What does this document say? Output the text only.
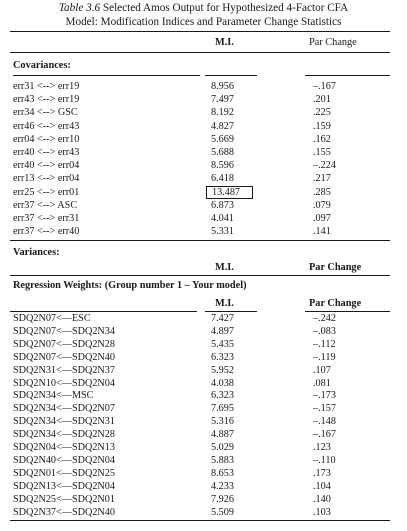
Table 3.6 Selected Amos Output for Hypothesized 4-Factor CFA
Model: Modification Indices and Parameter Change Statistics
M.I.	Par Change
Covariances:
err31 <--> err19	8.956	–.167
err43 <--> err19	7.497	.201
err34 <--> GSC	8.192	.225
err46 <--> err43	4.827	.159
err04 <--> err10	5.669	.162
err40 <--> err43	5.688	.155
err40 <--> err04	8.596	–.224
err13 <--> err04	6.418	.217
err25 <--> err01	13.487	.285
err37 <--> ASC	6.873	.079
err37 <--> err31	4.041	.097
err37 <--> err40	5.331	.141
Variances:
M.I.	Par Change
Regression Weights: (Group number 1 – Your model)
M.I.	Par Change
SDQ2N07<—ESC	7.427	–.242
SDQ2N07<—SDQ2N34	4.897	–.083
SDQ2N07<—SDQ2N28	5.435	–.112
SDQ2N07<—SDQ2N40	6.323	–.119
SDQ2N31<—SDQ2N37	5.952	.107
SDQ2N10<—SDQ2N04	4.038	.081
SDQ2N34<—MSC	6.323	–.173
SDQ2N34<—SDQ2N07	7.695	–.157
SDQ2N34<—SDQ2N31	5.316	–.148
SDQ2N34<—SDQ2N28	4.887	–.167
SDQ2N04<—SDQ2N13	5.029	.123
SDQ2N40<—SDQ2N04	5.883	–.110
SDQ2N01<—SDQ2N25	8.653	.173
SDQ2N13<—SDQ2N04	4.233	.104
SDQ2N25<—SDQ2N01	7.926	.140
SDQ2N37<—SDQ2N40	5.509	.103
